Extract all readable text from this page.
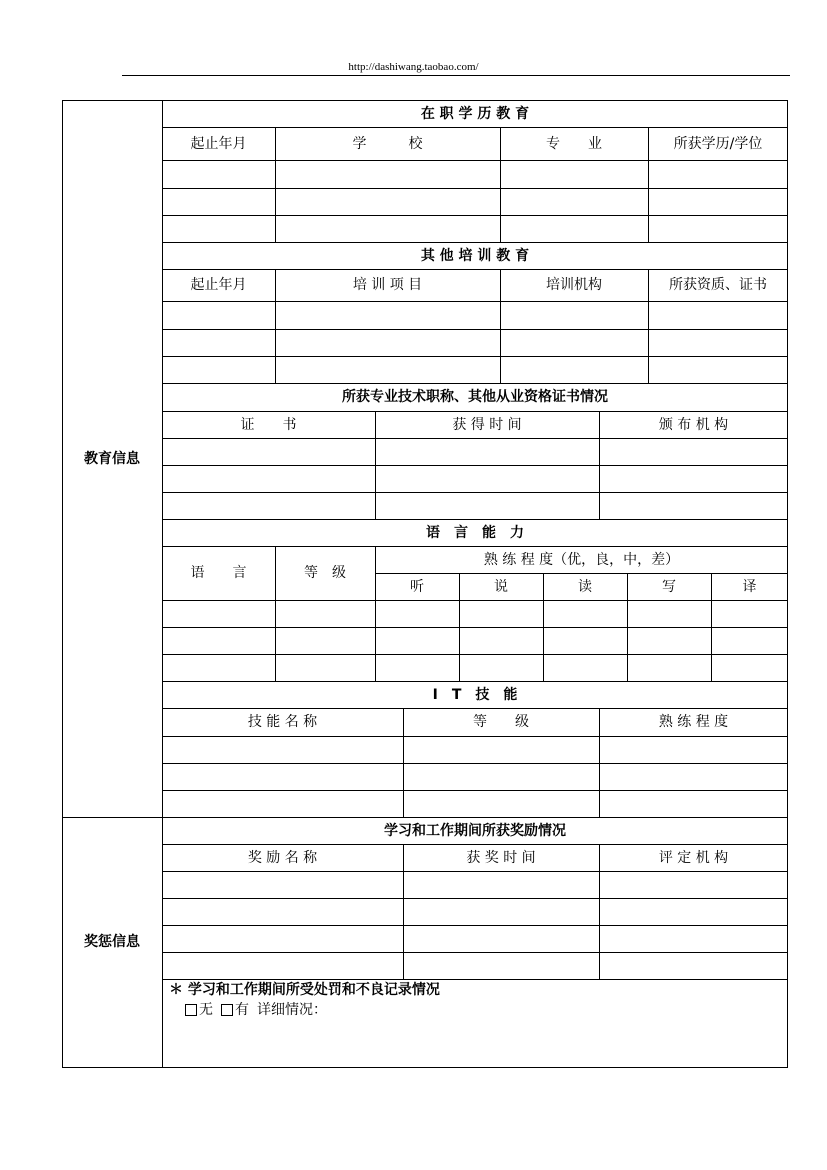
http://dashiwang.taobao.com/
教育信息
奖惩信息
在 职 学 历 教 育
起止年月	学　　　校	专　　业	所获学历/学位
其 他 培 训 教 育
起止年月	培 训 项 目	培训机构	所获资质、证书
所获专业技术职称、其他从业资格证书情况
证　　书	获 得 时 间	颁 布 机 构
语　言　能　力
语　　言	等　级
熟 练 程 度（优，良，中，差）
听	说	读	写	译
I　T　技　能
技 能 名 称	等　　级	熟 练 程 度
学习和工作期间所获奖励情况
奖 励 名 称	获 奖 时 间	评 定 机 构
＊ 学习和工作期间所受处罚和不良记录情况
无 有 详细情况：
